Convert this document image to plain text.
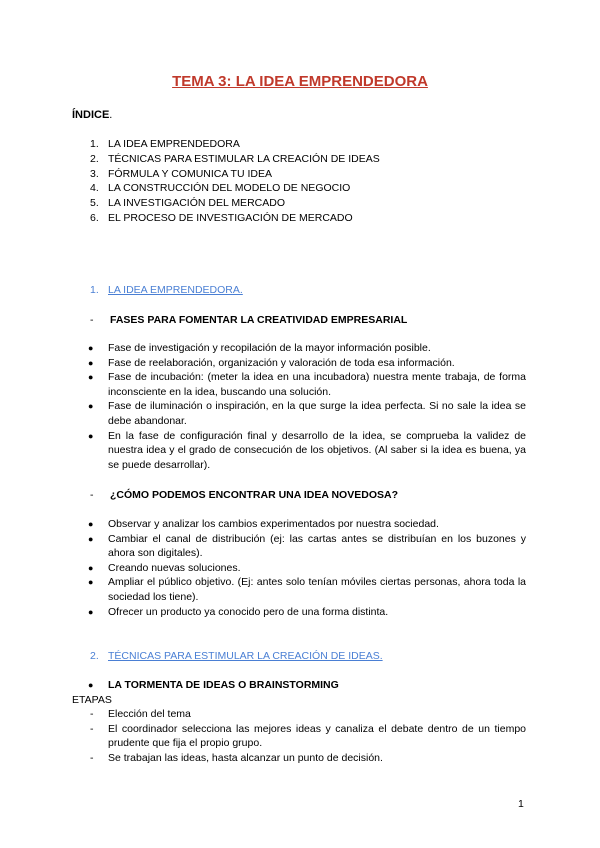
TEMA 3: LA IDEA EMPRENDEDORA
ÍNDICE.
1. LA IDEA EMPRENDEDORA
2. TÉCNICAS PARA ESTIMULAR LA CREACIÓN DE IDEAS
3. FÓRMULA Y COMUNICA TU IDEA
4. LA CONSTRUCCIÓN DEL MODELO DE NEGOCIO
5. LA INVESTIGACIÓN DEL MERCADO
6. EL PROCESO DE INVESTIGACIÓN DE MERCADO
1. LA IDEA EMPRENDEDORA.
- FASES PARA FOMENTAR LA CREATIVIDAD EMPRESARIAL
● Fase de investigación y recopilación de la mayor información posible.
● Fase de reelaboración, organización y valoración de toda esa información.
● Fase de incubación: (meter la idea en una incubadora) nuestra mente trabaja, de forma inconsciente en la idea, buscando una solución.
● Fase de iluminación o inspiración, en la que surge la idea perfecta. Si no sale la idea se debe abandonar.
● En la fase de configuración final y desarrollo de la idea, se comprueba la validez de nuestra idea y el grado de consecución de los objetivos. (Al saber si la idea es buena, ya se puede desarrollar).
- ¿CÓMO PODEMOS ENCONTRAR UNA IDEA NOVEDOSA?
● Observar y analizar los cambios experimentados por nuestra sociedad.
● Cambiar el canal de distribución (ej: las cartas antes se distribuían en los buzones y ahora son digitales).
● Creando nuevas soluciones.
● Ampliar el público objetivo. (Ej: antes solo tenían móviles ciertas personas, ahora toda la sociedad los tiene).
● Ofrecer un producto ya conocido pero de una forma distinta.
2. TÉCNICAS PARA ESTIMULAR LA CREACIÓN DE IDEAS.
● LA TORMENTA DE IDEAS O BRAINSTORMING
ETAPAS
- Elección del tema
- El coordinador selecciona las mejores ideas y canaliza el debate dentro de un tiempo prudente que fija el propio grupo.
- Se trabajan las ideas, hasta alcanzar un punto de decisión.
1
